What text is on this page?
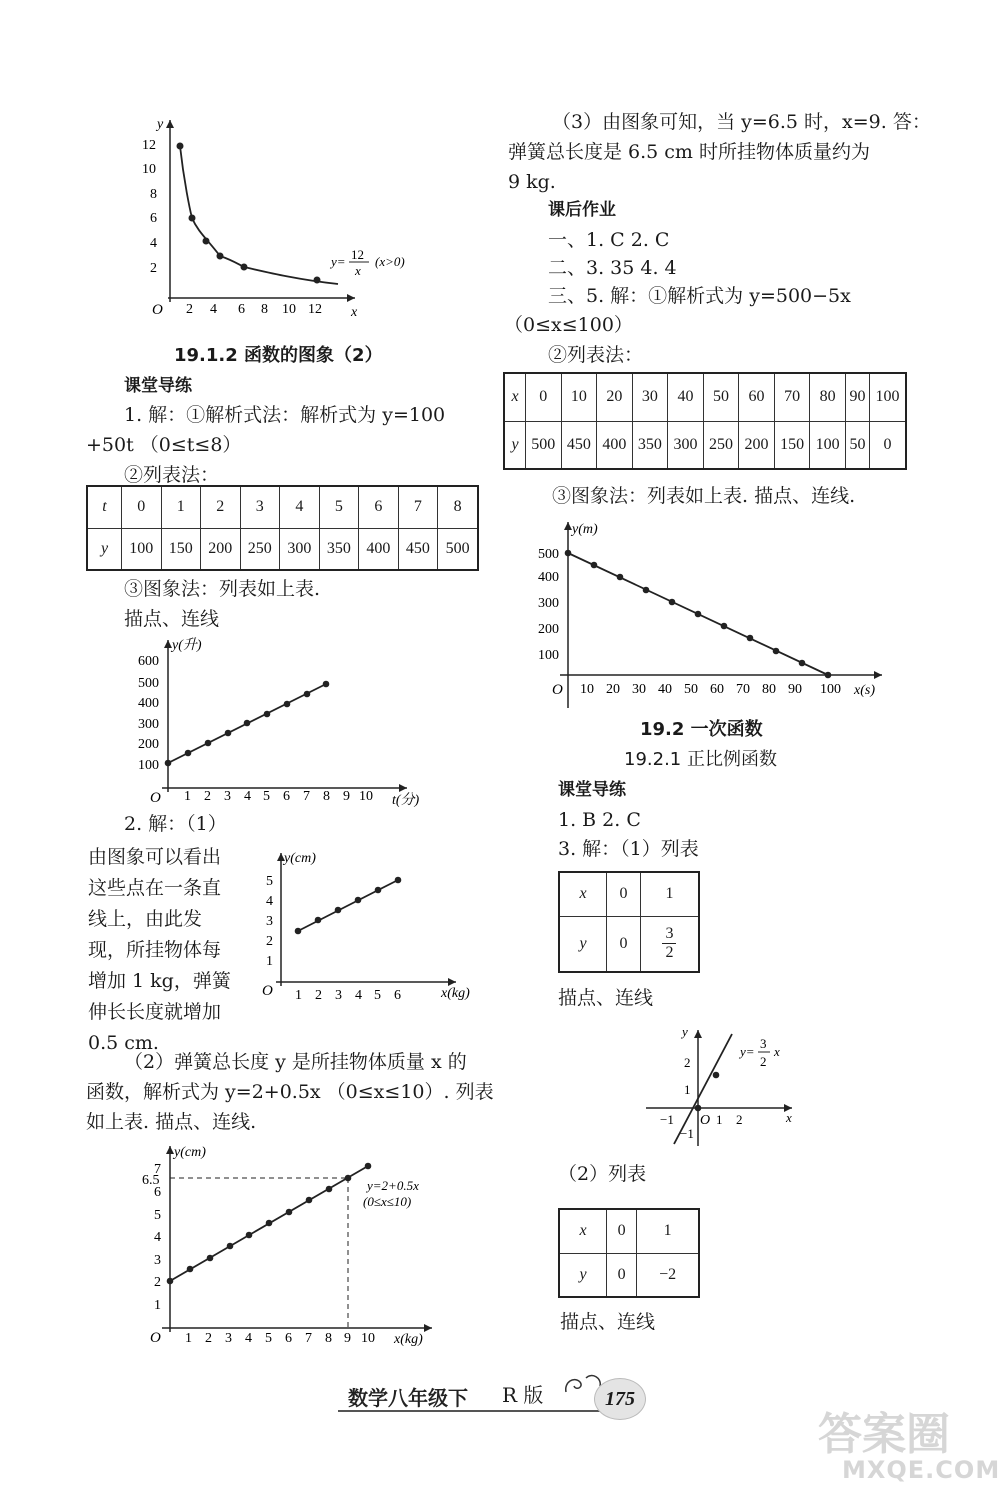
y
x
O
2
4
6
8
10
12
2 4 6 8 10 12
y= 12
x
(x>0)
19.1.2 函数的图象（2）
课堂导练
1. 解：①解析式法：解析式为 y=100
+50t （0≤t≤8）
②列表法：
t	0	1	2	3	4	5	6	7	8
y	100	150	200	250	300	350	400	450	500
③图象法：列表如上表.
描点、连线
y(升)
t(分)
O
100
200
300
400
500
600
1 2 3 4 5 6 7 8 9 10
2. 解：（1）
由图象可以看出
这些点在一条直
线上，由此发
现，所挂物体每
增加 1 kg，弹簧
伸长长度就增加
0.5 cm.
y(cm)
x(kg)
O
1
2
3
4
5
1 2 3 4 5 6
（2）弹簧总长度 y 是所挂物体质量 x 的
函数，解析式为 y=2+0.5x （0≤x≤10）. 列表
如上表. 描点、连线.
y(cm)
x(kg)
O
1
2
3
4
5
6
6.5
7
1 2 3 4 5 6 7 8 9 10
y=2+0.5x
(0≤x≤10)
（3）由图象可知，当 y=6.5 时，x=9. 答：
弹簧总长度是 6.5 cm 时所挂物体质量约为
9 kg.
课后作业
一、1. C 2. C
二、3. 35 4. 4
三、5. 解：①解析式为 y=500−5x
（0≤x≤100）
②列表法：
x	0	10	20	30	40	50	60	70	80	90	100
y	500	450	400	350	300	250	200	150	100	50	0
③图象法：列表如上表. 描点、连线.
y(m)
x(s)
O
100
200
300
400
500
10 20 30 40 50 60 70 80 90 100
19.2 一次函数
19.2.1 正比例函数
课堂导练
1. B 2. C
3. 解：（1）列表
x	0	1
y	0	3
2
描点、连线
y
x
O
1
2
−1
−1	1 2
y=
3
2
x
（2）列表
x	0	1
y	0	−2
描点、连线
数学八年级下 R 版	175
答案圈
MXQE.COM
